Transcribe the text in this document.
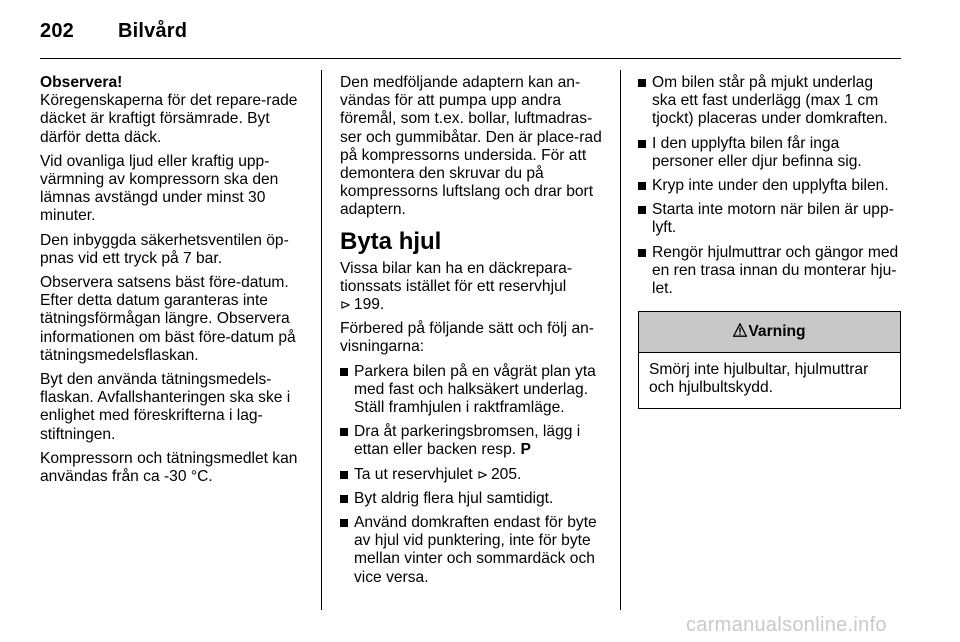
202 Bilvård

Observera!
Köregenskaperna för det repare-rade däcket är kraftigt försämrade. Byt därför detta däck.

Vid ovanliga ljud eller kraftig upp-värmning av kompressorn ska den lämnas avstängd under minst 30 minuter.

Den inbyggda säkerhetsventilen öp-pnas vid ett tryck på 7 bar.

Observera satsens bäst före-datum. Efter detta datum garanteras inte tätningsförmågan längre. Observera informationen om bäst före-datum på tätningsmedelsflaskan.

Byt den använda tätningsmedels-flaskan. Avfallshanteringen ska ske i enlighet med föreskrifterna i lag-stiftningen.

Kompressorn och tätningsmedlet kan användas från ca -30 °C.

Den medföljande adaptern kan an-vändas för att pumpa upp andra föremål, som t.ex. bollar, luftmadras-ser och gummibåtar. Den är place-rad på kompressorns undersida. För att demontera den skruvar du på kompressorns luftslang och drar bort adaptern.

Byta hjul

Vissa bilar kan ha en däckrepara-tionssats istället för ett reservhjul
⊳ 199.

Förbered på följande sätt och följ an-visningarna:

Parkera bilen på en vågrät plan yta med fast och halksäkert underlag. Ställ framhjulen i raktframläge.
Dra åt parkeringsbromsen, lägg i ettan eller backen resp. P
Ta ut reservhjulet ⊳ 205.
Byt aldrig flera hjul samtidigt.
Använd domkraften endast för byte av hjul vid punktering, inte för byte mellan vinter och sommardäck och vice versa.
Om bilen står på mjukt underlag ska ett fast underlägg (max 1 cm tjockt) placeras under domkraften.
I den upplyfta bilen får inga personer eller djur befinna sig.
Kryp inte under den upplyfta bilen.
Starta inte motorn när bilen är upp-lyft.
Rengör hjulmuttrar och gängor med en ren trasa innan du monterar hju-let.
Varning
Smörj inte hjulbultar, hjulmuttrar och hjulbultskydd.
carmanualsonline.info
